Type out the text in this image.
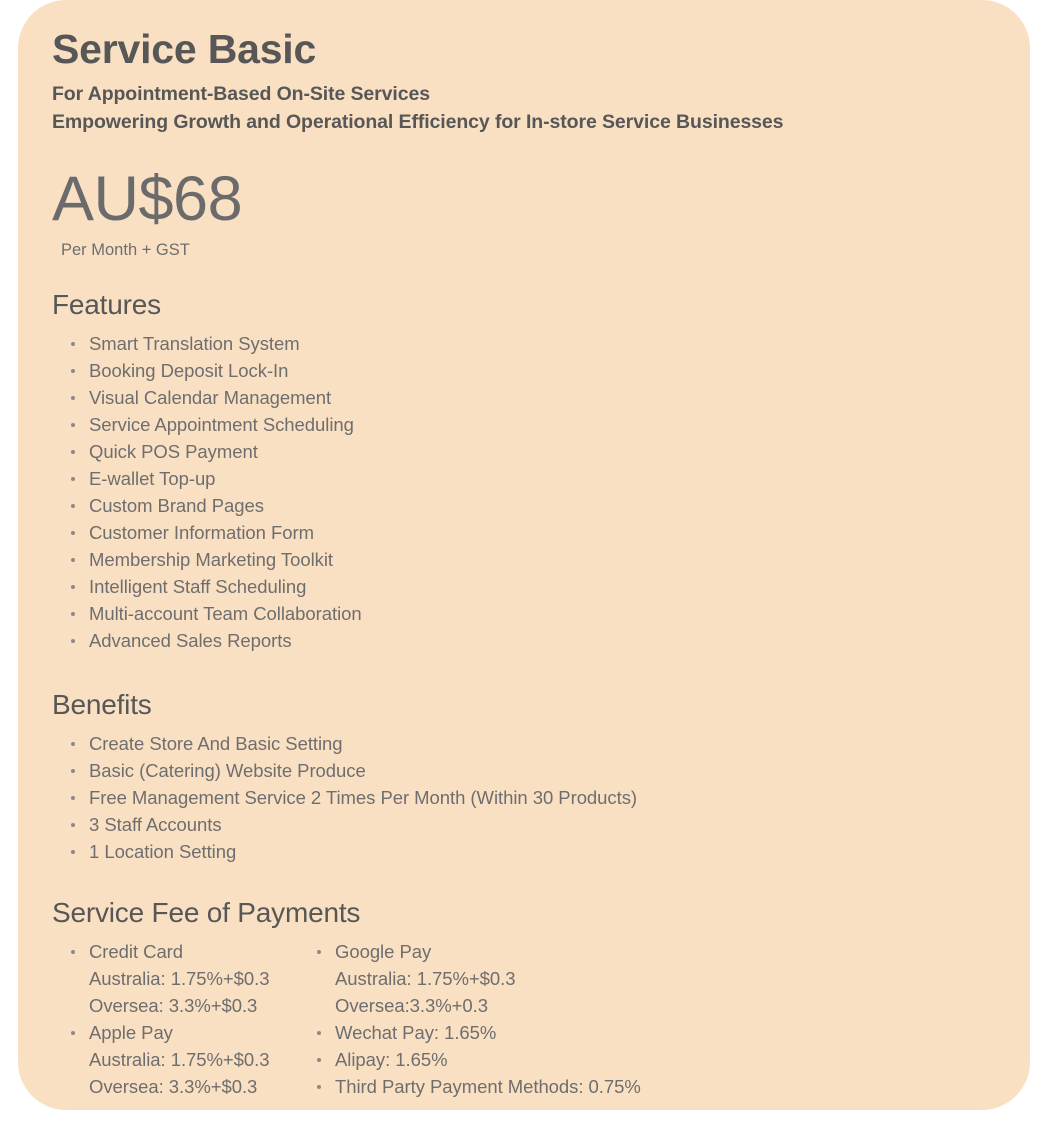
Service Basic
For Appointment-Based On-Site Services
Empowering Growth and Operational Efficiency for In-store Service Businesses
AU$68
Per Month + GST
Features
Smart Translation System
Booking Deposit Lock-In
Visual Calendar Management
Service Appointment Scheduling
Quick POS Payment
E-wallet Top-up
Custom Brand Pages
Customer Information Form
Membership Marketing Toolkit
Intelligent Staff Scheduling
Multi-account Team Collaboration
Advanced Sales Reports
Benefits
Create Store And Basic Setting
Basic (Catering) Website Produce
Free Management Service 2 Times Per Month (Within 30 Products)
3 Staff Accounts
1 Location Setting
Service Fee of Payments
Credit Card
Australia: 1.75%+$0.3
Oversea: 3.3%+$0.3
Apple Pay
Australia: 1.75%+$0.3
Oversea: 3.3%+$0.3
Google Pay
Australia: 1.75%+$0.3
Oversea:3.3%+0.3
Wechat Pay: 1.65%
Alipay: 1.65%
Third Party Payment Methods: 0.75%
